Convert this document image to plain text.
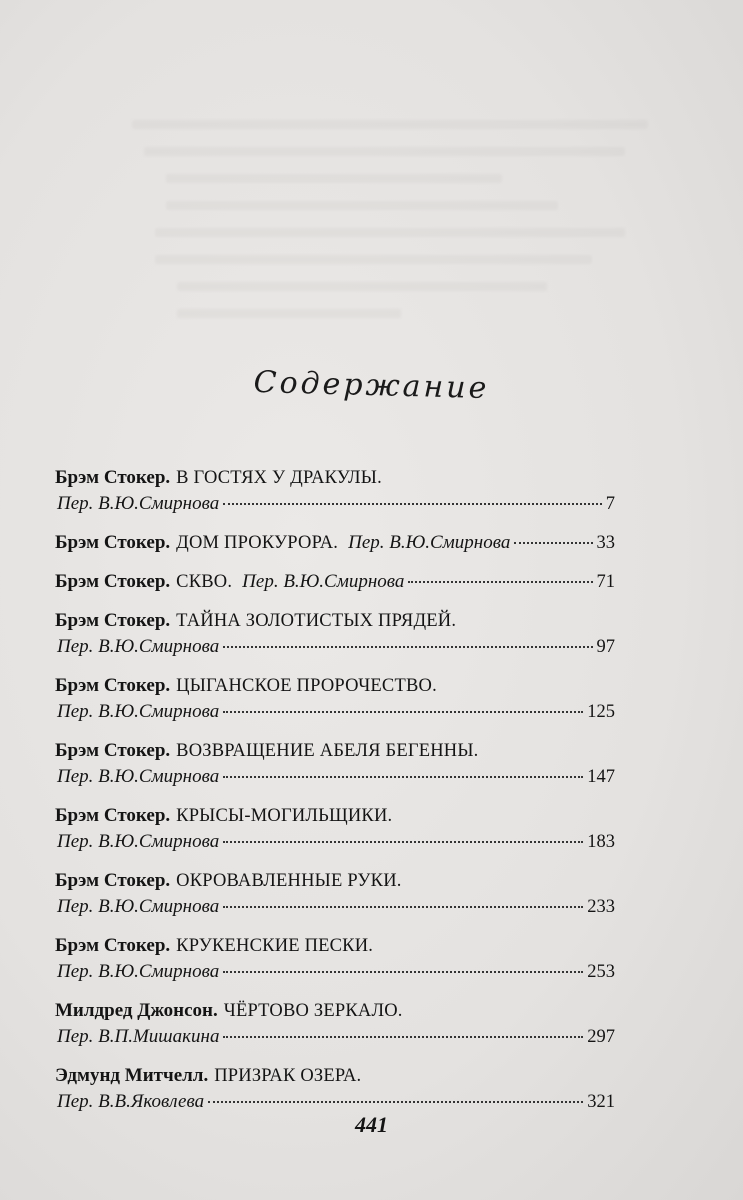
Содержание
Брэм Стокер. В ГОСТЯХ У ДРАКУЛЫ.
Пер. В.Ю.Смирнова	7
Брэм Стокер. ДОМ ПРОКУРОРА. Пер. В.Ю.Смирнова	33
Брэм Стокер. СКВО. Пер. В.Ю.Смирнова	71
Брэм Стокер. ТАЙНА ЗОЛОТИСТЫХ ПРЯДЕЙ.
Пер. В.Ю.Смирнова	97
Брэм Стокер. ЦЫГАНСКОЕ ПРОРОЧЕСТВО.
Пер. В.Ю.Смирнова	125
Брэм Стокер. ВОЗВРАЩЕНИЕ АБЕЛЯ БЕГЕННЫ.
Пер. В.Ю.Смирнова	147
Брэм Стокер. КРЫСЫ-МОГИЛЬЩИКИ.
Пер. В.Ю.Смирнова	183
Брэм Стокер. ОКРОВАВЛЕННЫЕ РУКИ.
Пер. В.Ю.Смирнова	233
Брэм Стокер. КРУКЕНСКИЕ ПЕСКИ.
Пер. В.Ю.Смирнова	253
Милдред Джонсон. ЧЁРТОВО ЗЕРКАЛО.
Пер. В.П.Мишакина	297
Эдмунд Митчелл. ПРИЗРАК ОЗЕРА.
Пер. В.В.Яковлева	321
441
